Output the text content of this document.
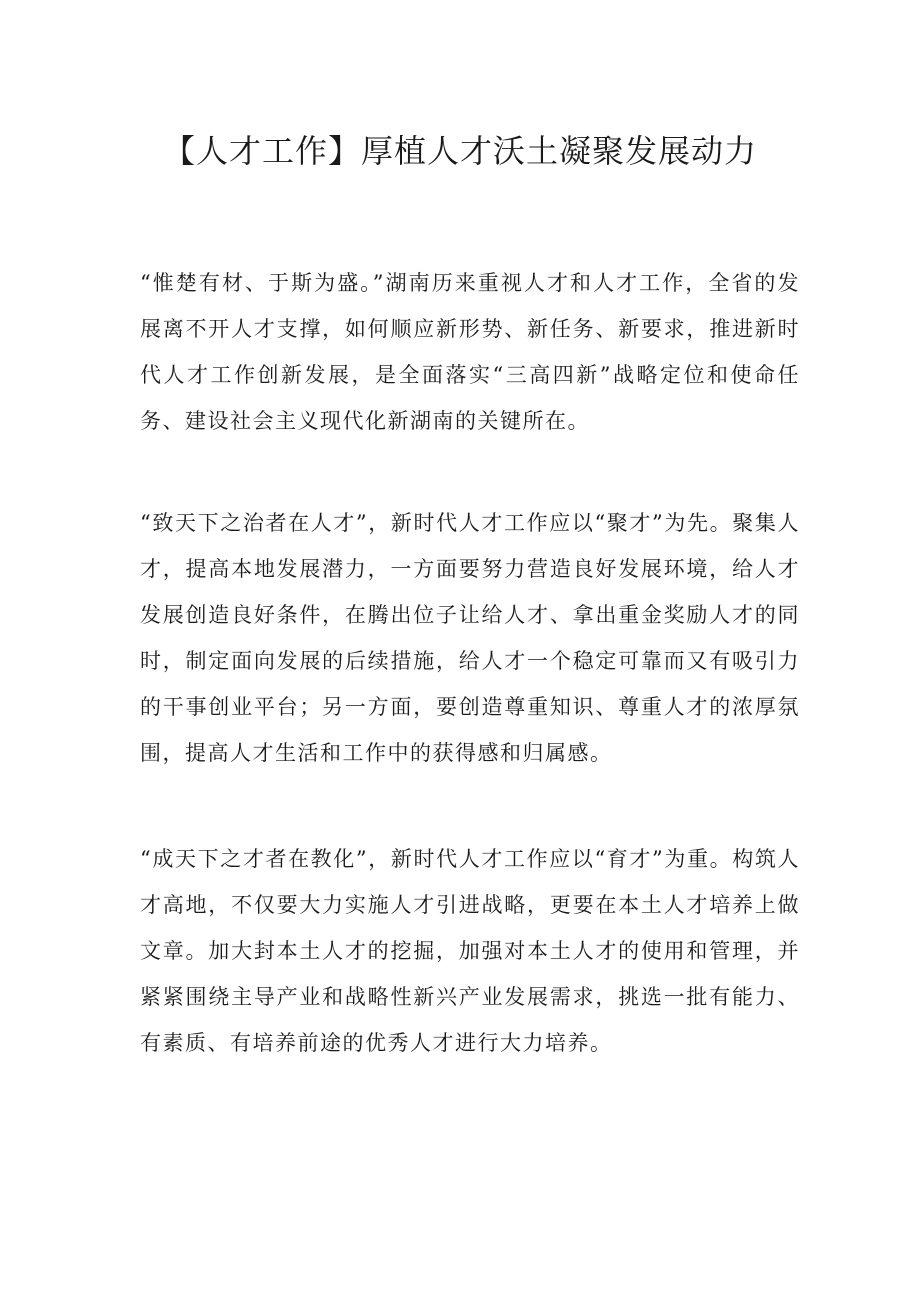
【人才工作】厚植人才沃土凝聚发展动力

“惟楚有材、于斯为盛。”湖南历来重视人才和人才工作，全省的发展离不开人才支撑，如何顺应新形势、新任务、新要求，推进新时代人才工作创新发展，是全面落实“三高四新”战略定位和使命任务、建设社会主义现代化新湖南的关键所在。

“致天下之治者在人才”，新时代人才工作应以“聚才”为先。聚集人才，提高本地发展潜力，一方面要努力营造良好发展环境，给人才发展创造良好条件，在腾出位子让给人才、拿出重金奖励人才的同时，制定面向发展的后续措施，给人才一个稳定可靠而又有吸引力的干事创业平台；另一方面，要创造尊重知识、尊重人才的浓厚氛围，提高人才生活和工作中的获得感和归属感。

“成天下之才者在教化”，新时代人才工作应以“育才”为重。构筑人才高地，不仅要大力实施人才引进战略，更要在本土人才培养上做文章。加大封本土人才的挖掘，加强对本土人才的使用和管理，并紧紧围绕主导产业和战略性新兴产业发展需求，挑选一批有能力、有素质、有培养前途的优秀人才进行大力培养。
